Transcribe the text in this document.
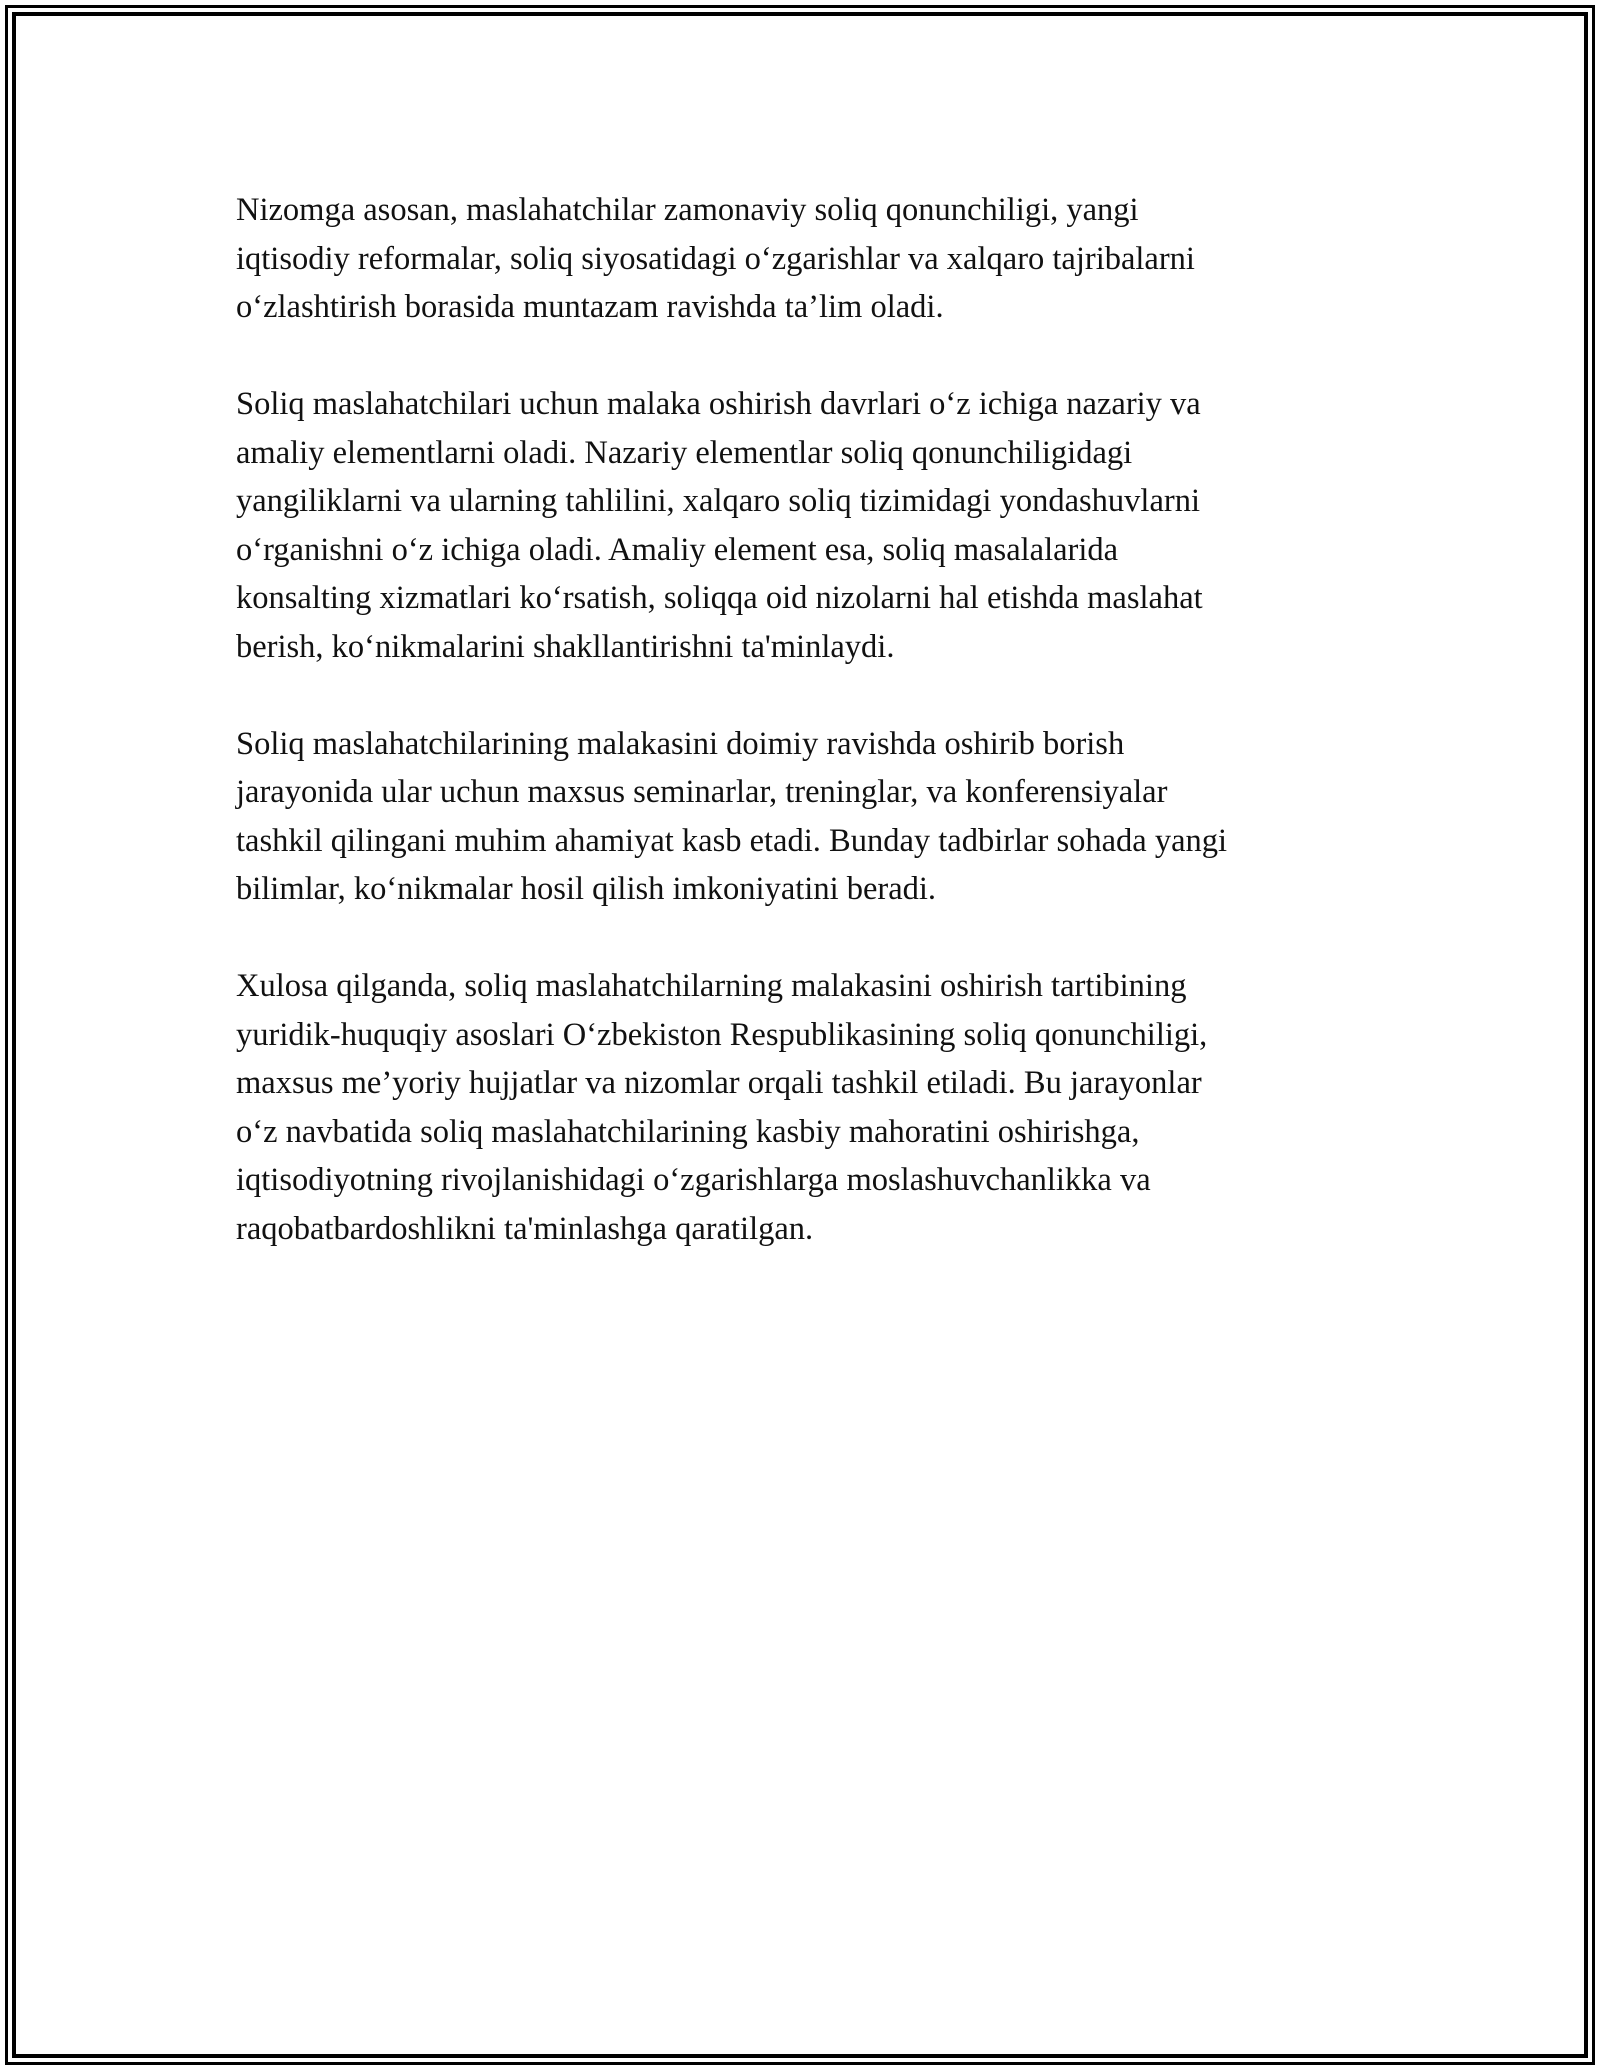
Nizomga asosan, maslahatchilar zamonaviy soliq qonunchiligi, yangi
iqtisodiy reformalar, soliq siyosatidagi o‘zgarishlar va xalqaro tajribalarni
o‘zlashtirish borasida muntazam ravishda ta’lim oladi.

Soliq maslahatchilari uchun malaka oshirish davrlari o‘z ichiga nazariy va
amaliy elementlarni oladi. Nazariy elementlar soliq qonunchiligidagi
yangiliklarni va ularning tahlilini, xalqaro soliq tizimidagi yondashuvlarni
o‘rganishni o‘z ichiga oladi. Amaliy element esa, soliq masalalarida
konsalting xizmatlari ko‘rsatish, soliqqa oid nizolarni hal etishda maslahat
berish, ko‘nikmalarini shakllantirishni ta'minlaydi.

Soliq maslahatchilarining malakasini doimiy ravishda oshirib borish
jarayonida ular uchun maxsus seminarlar, treninglar, va konferensiyalar
tashkil qilingani muhim ahamiyat kasb etadi. Bunday tadbirlar sohada yangi
bilimlar, ko‘nikmalar hosil qilish imkoniyatini beradi.

Xulosa qilganda, soliq maslahatchilarning malakasini oshirish tartibining
yuridik-huquqiy asoslari O‘zbekiston Respublikasining soliq qonunchiligi,
maxsus me’yoriy hujjatlar va nizomlar orqali tashkil etiladi. Bu jarayonlar
o‘z navbatida soliq maslahatchilarining kasbiy mahoratini oshirishga,
iqtisodiyotning rivojlanishidagi o‘zgarishlarga moslashuvchanlikka va
raqobatbardoshlikni ta'minlashga qaratilgan.
